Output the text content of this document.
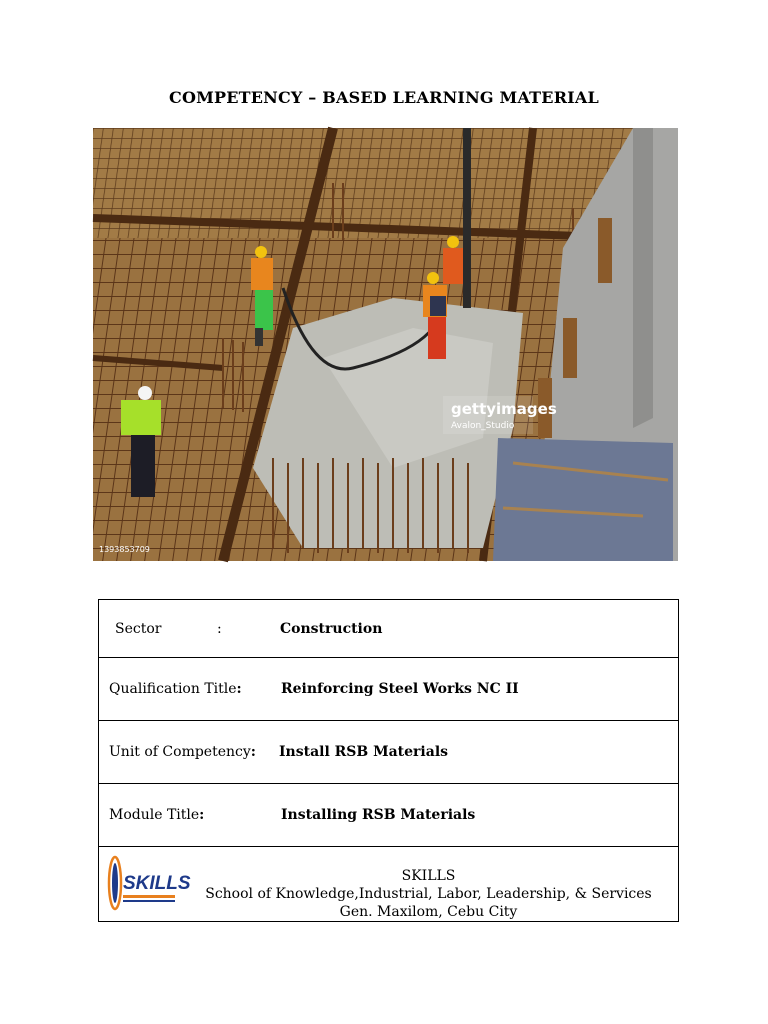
COMPETENCY – BASED LEARNING MATERIAL
gettyimages
Avalon_Studio
1393853709
Sector	:	Construction

Qualification Title:	Reinforcing Steel Works NC II

Unit of Competency: Install RSB Materials

Module Title:	Installing RSB Materials

SKILLS	SKILLS
School of Knowledge,Industrial, Labor, Leadership, & Services
Gen. Maxilom, Cebu City
